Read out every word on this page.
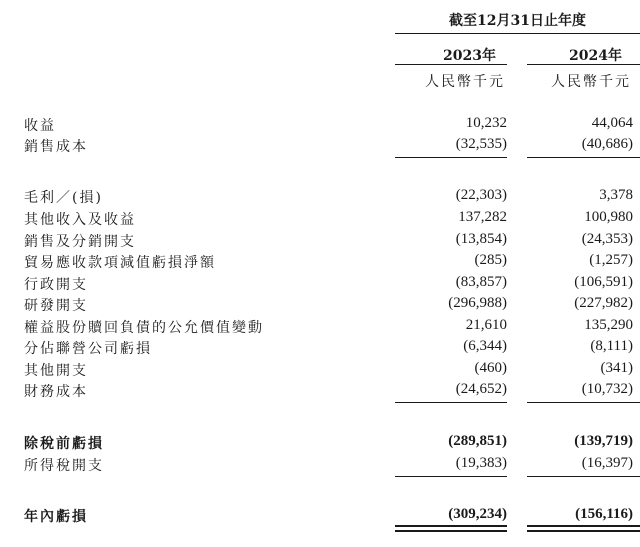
截至12月31日止年度
2023年	2024年
人民幣千元	人民幣千元
收益	10,232	44,064
銷售成本	(32,535)	(40,686)
毛利／(損)	(22,303)	3,378
其他收入及收益	137,282	100,980
銷售及分銷開支	(13,854)	(24,353)
貿易應收款項減值虧損淨額	(285)	(1,257)
行政開支	(83,857)	(106,591)
研發開支	(296,988)	(227,982)
權益股份贖回負債的公允價值變動	21,610	135,290
分佔聯營公司虧損	(6,344)	(8,111)
其他開支	(460)	(341)
財務成本	(24,652)	(10,732)
除稅前虧損	(289,851)	(139,719)
所得稅開支	(19,383)	(16,397)
年內虧損	(309,234)	(156,116)
